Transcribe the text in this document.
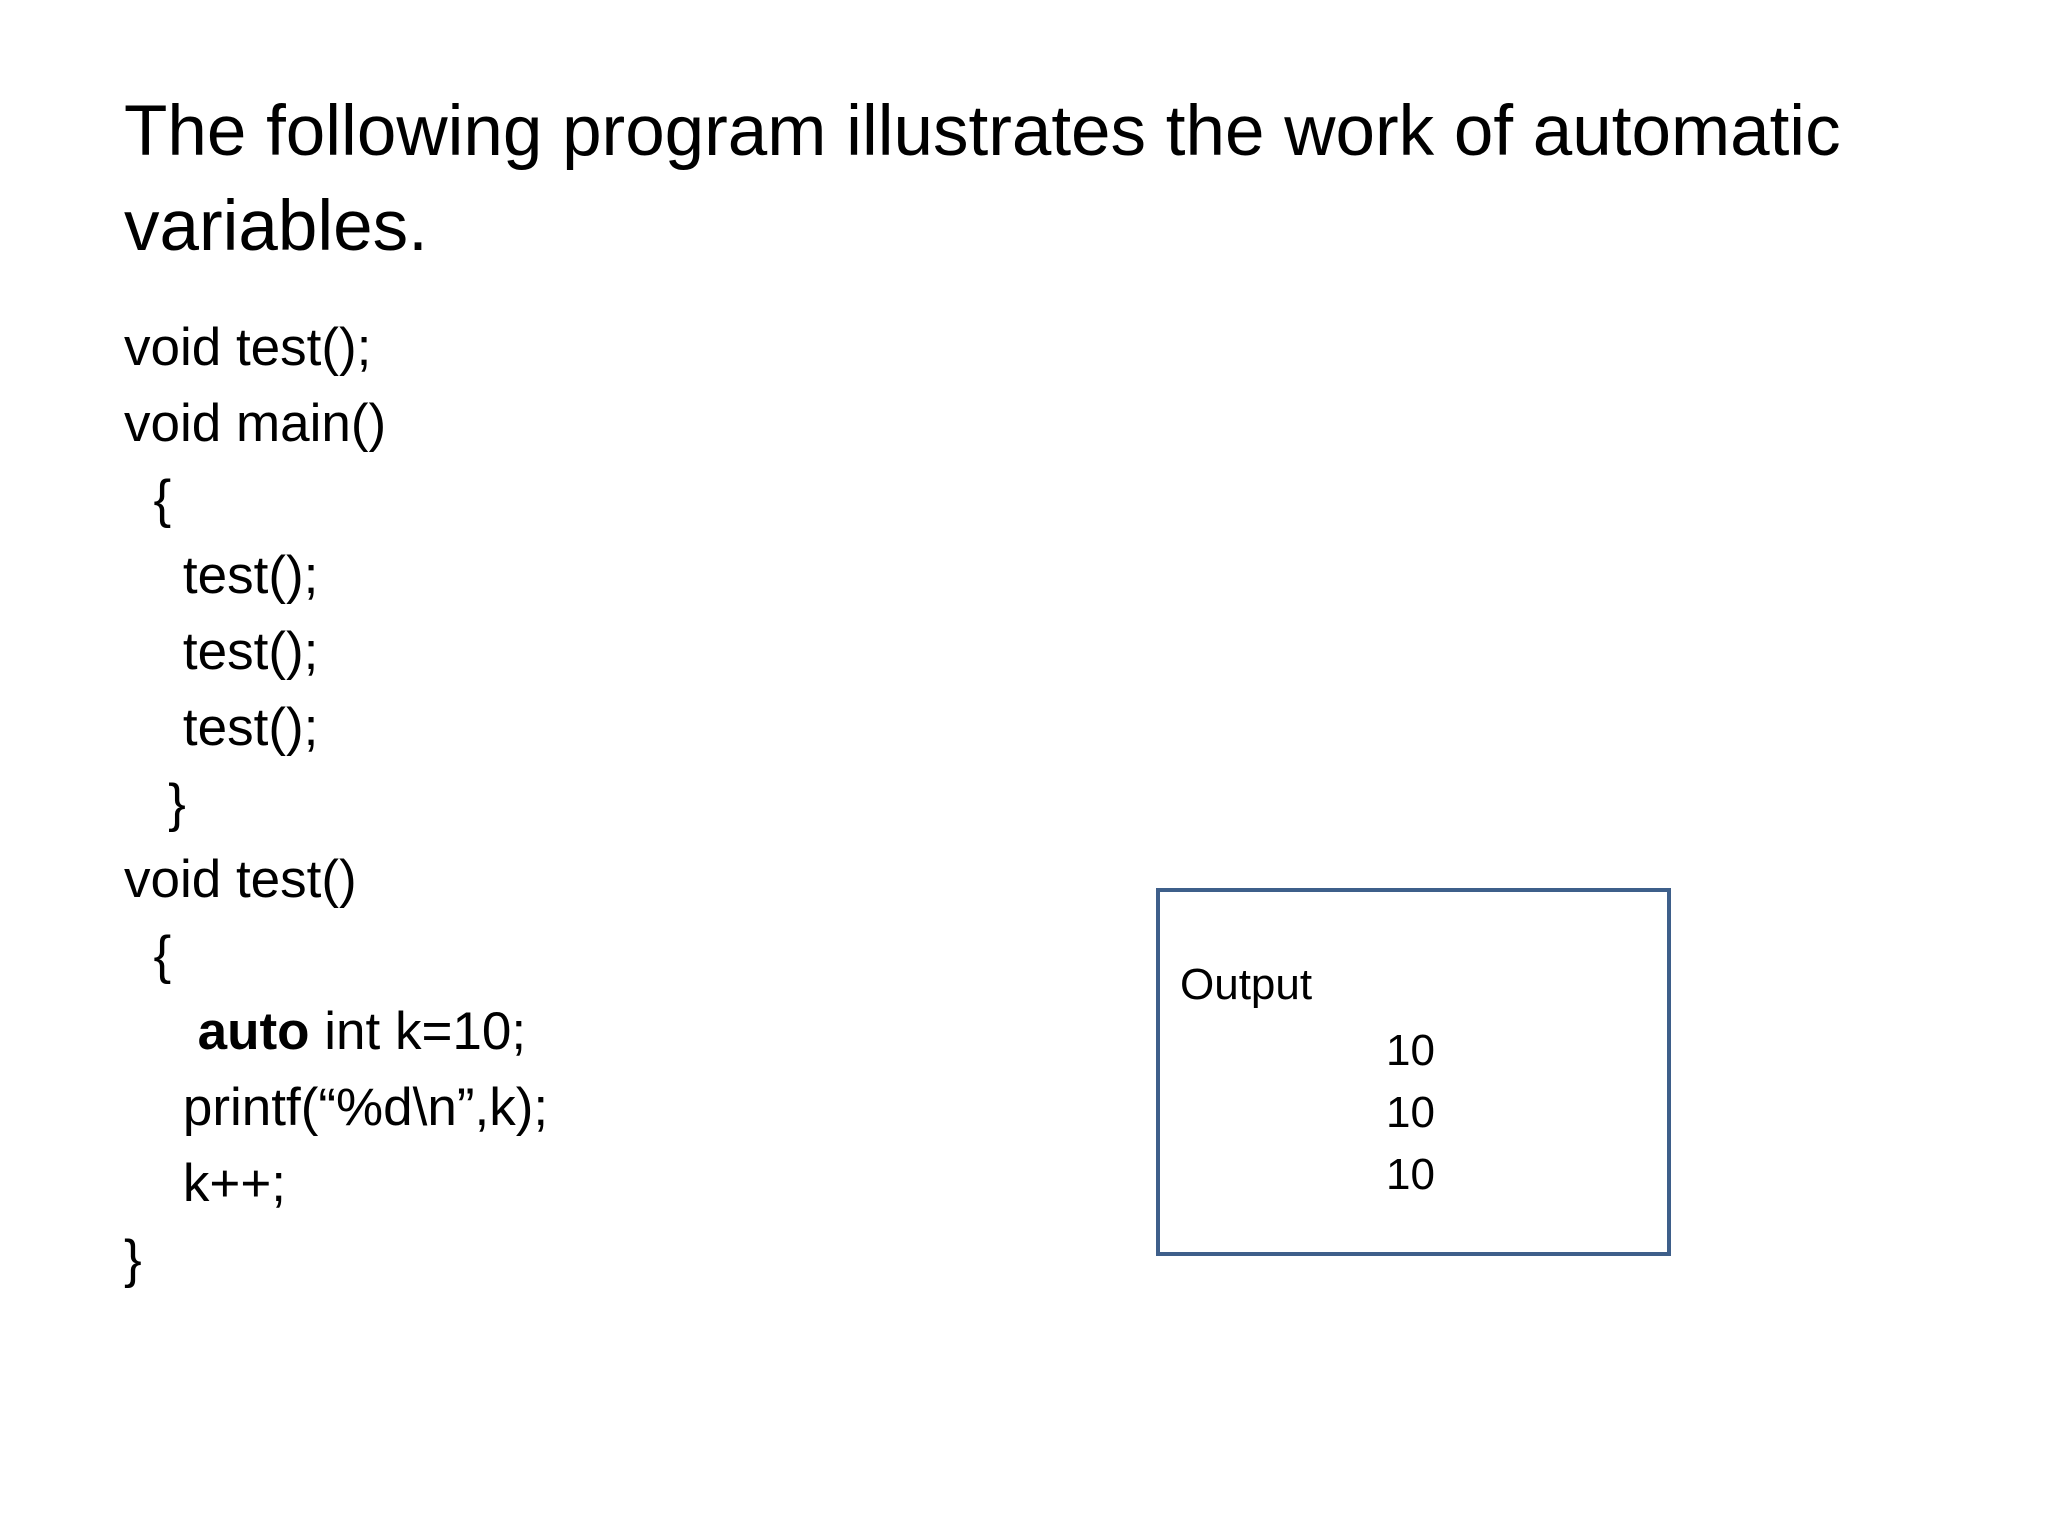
The following program illustrates the work of automatic variables.
void test();
void main()
{
test();
test();
test();
}
void test()
{
auto int k=10;
printf(“%d\n”,k);
k++;
}
Output
10
10
10
